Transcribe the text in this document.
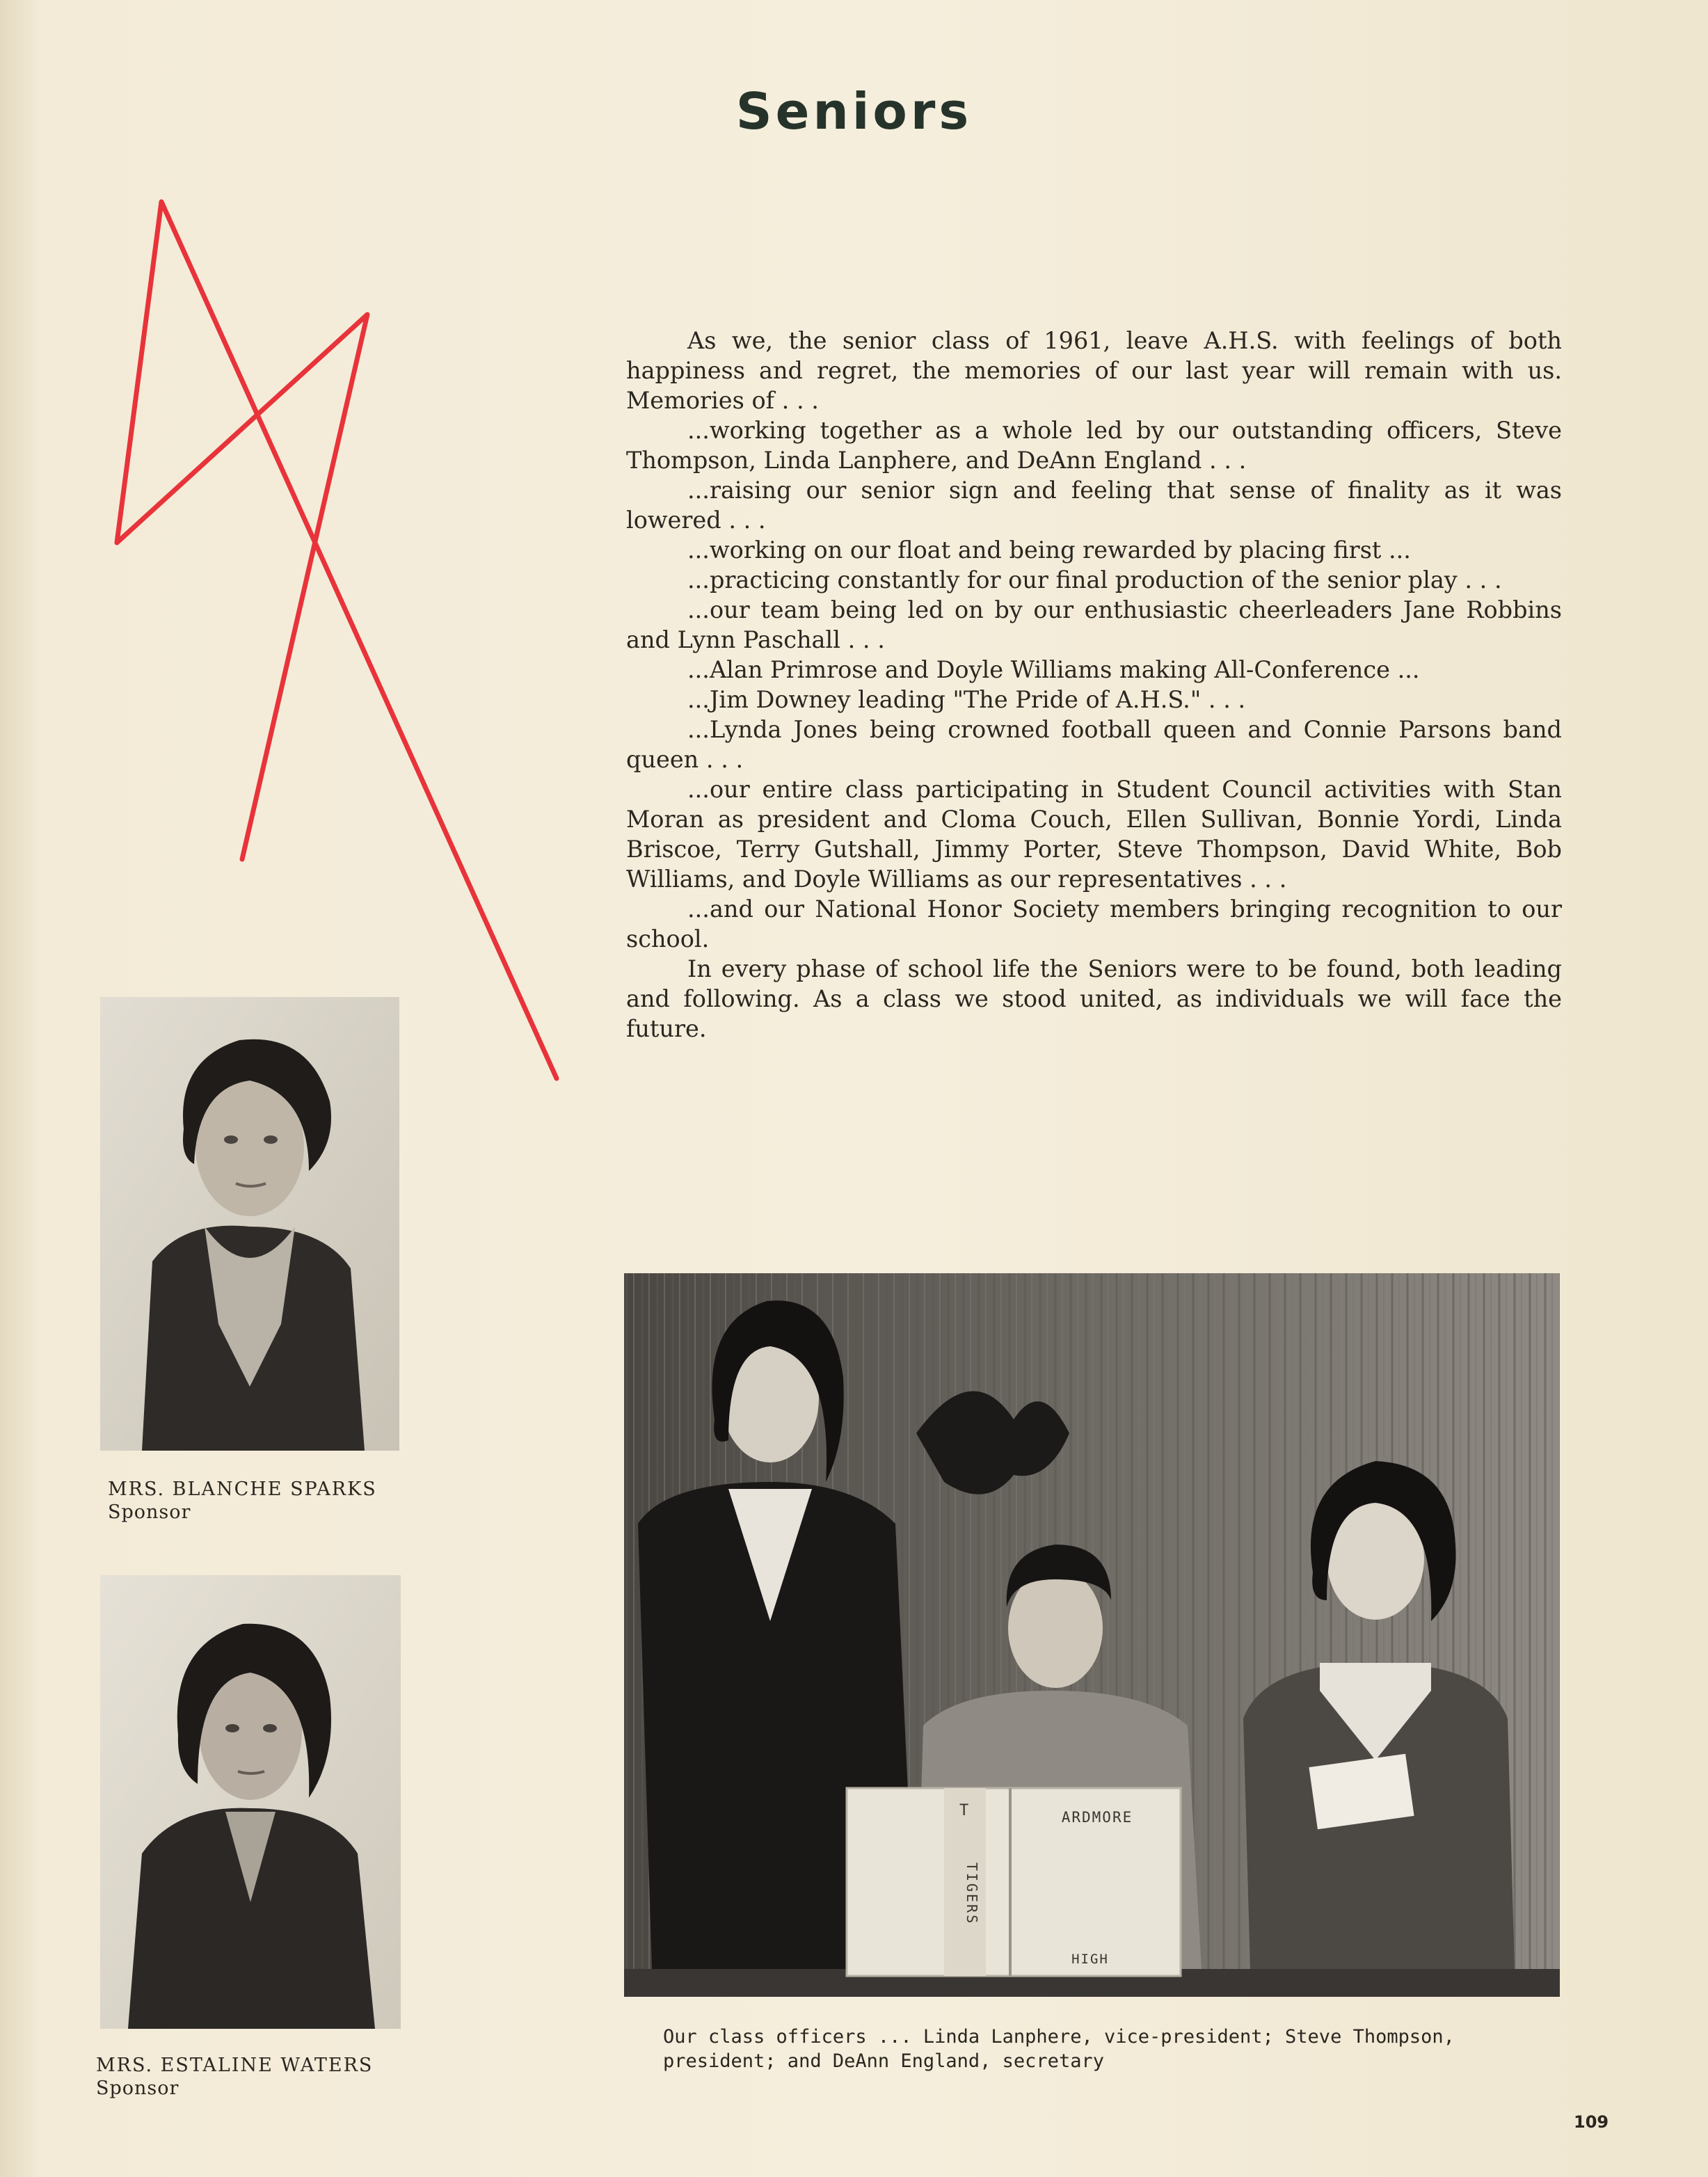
Seniors

As we, the senior class of 1961, leave A.H.S. with feelings of both happiness and regret, the memories of our last year will remain with us. Memories of . . .

...working together as a whole led by our outstanding officers, Steve Thompson, Linda Lanphere, and DeAnn England . . .

...raising our senior sign and feeling that sense of finality as it was lowered . . .

...working on our float and being rewarded by placing first ...

...practicing constantly for our final production of the senior play . . .

...our team being led on by our enthusiastic cheerleaders Jane Robbins and Lynn Paschall . . .

...Alan Primrose and Doyle Williams making All-Conference ...

...Jim Downey leading "The Pride of A.H.S." . . .

...Lynda Jones being crowned football queen and Connie Parsons band queen . . .

...our entire class participating in Student Council activities with Stan Moran as president and Cloma Couch, Ellen Sullivan, Bonnie Yordi, Linda Briscoe, Terry Gutshall, Jimmy Porter, Steve Thompson, David White, Bob Williams, and Doyle Williams as our representatives . . .

...and our National Honor Society members bringing recognition to our school.

In every phase of school life the Seniors were to be found, both leading and following. As a class we stood united, as individuals we will face the future.

MRS. BLANCHE SPARKS
Sponsor
MRS. ESTALINE WATERS
Sponsor
T
TIGERS
ARDMORE
HIGH
Our class officers ... Linda Lanphere, vice-president; Steve Thompson, president; and DeAnn England, secretary
109
